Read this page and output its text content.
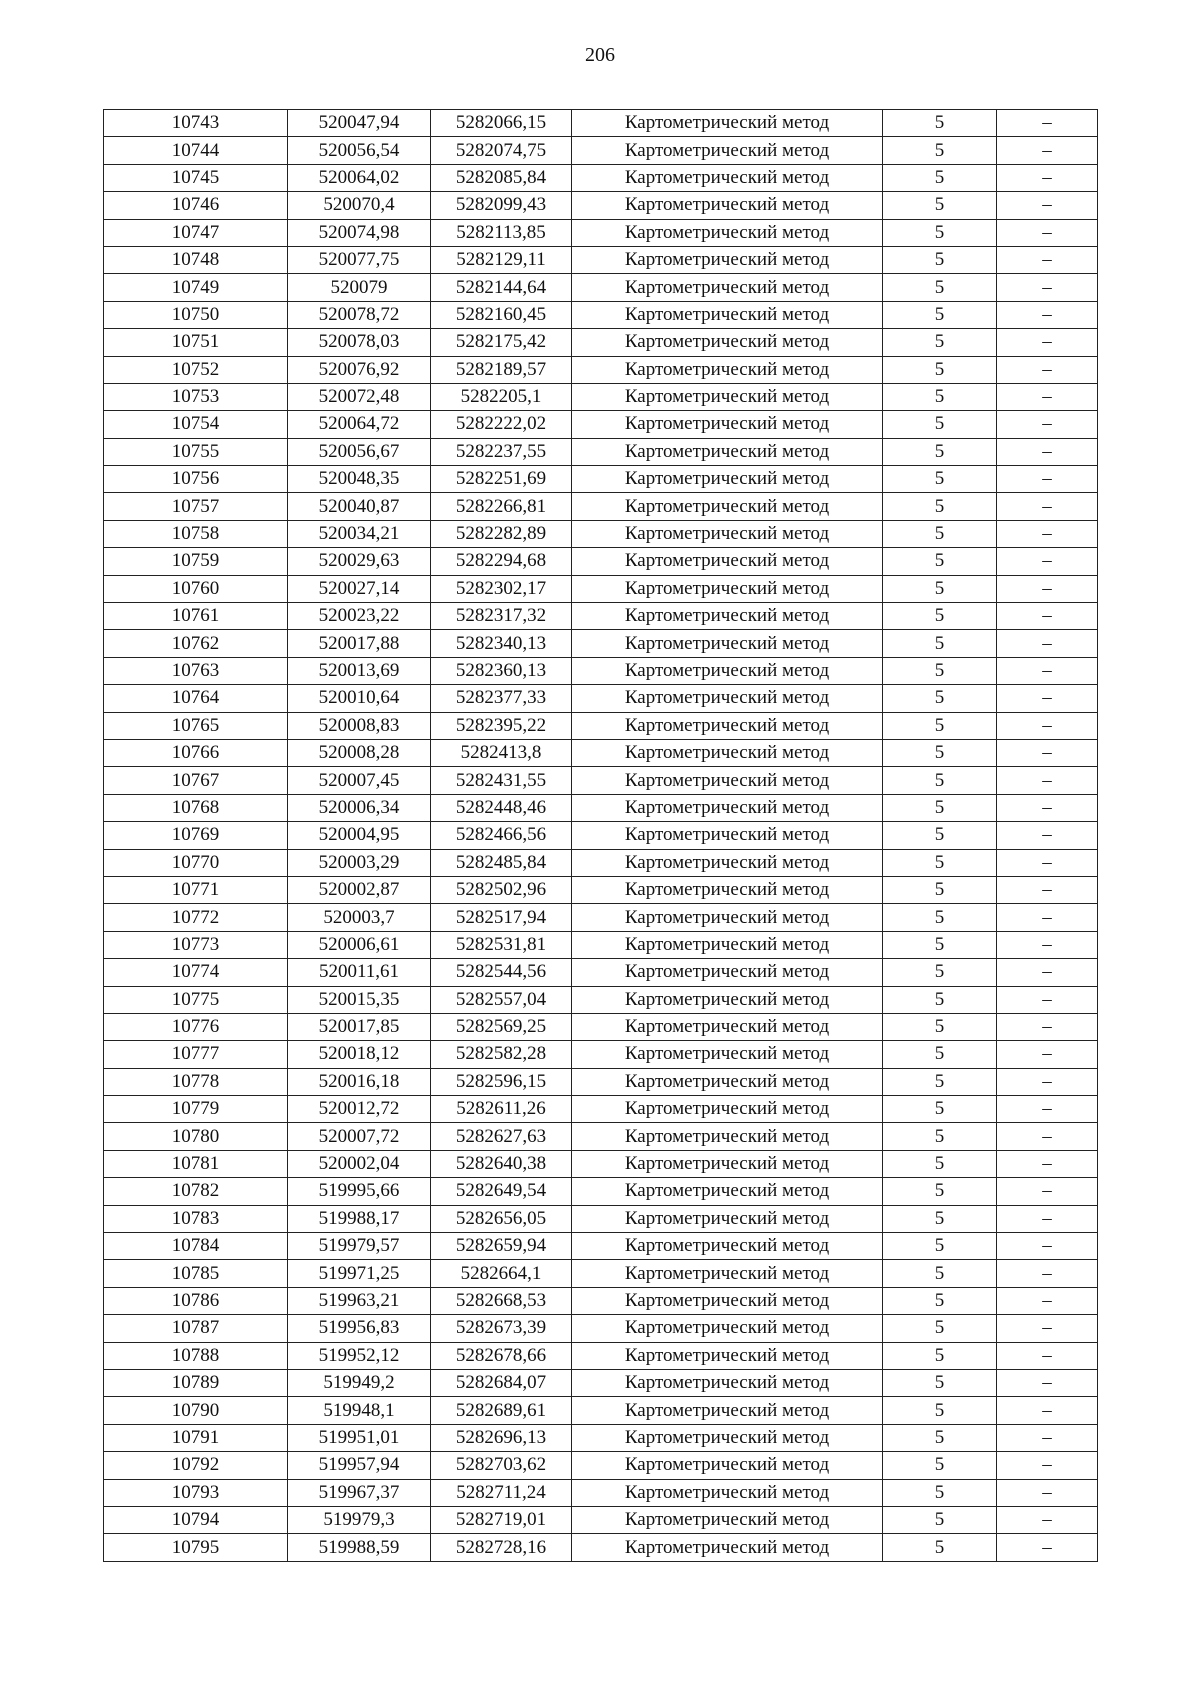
206
10743	520047,94	5282066,15	Картометрический метод	5	–
10744	520056,54	5282074,75	Картометрический метод	5	–
10745	520064,02	5282085,84	Картометрический метод	5	–
10746	520070,4	5282099,43	Картометрический метод	5	–
10747	520074,98	5282113,85	Картометрический метод	5	–
10748	520077,75	5282129,11	Картометрический метод	5	–
10749	520079	5282144,64	Картометрический метод	5	–
10750	520078,72	5282160,45	Картометрический метод	5	–
10751	520078,03	5282175,42	Картометрический метод	5	–
10752	520076,92	5282189,57	Картометрический метод	5	–
10753	520072,48	5282205,1	Картометрический метод	5	–
10754	520064,72	5282222,02	Картометрический метод	5	–
10755	520056,67	5282237,55	Картометрический метод	5	–
10756	520048,35	5282251,69	Картометрический метод	5	–
10757	520040,87	5282266,81	Картометрический метод	5	–
10758	520034,21	5282282,89	Картометрический метод	5	–
10759	520029,63	5282294,68	Картометрический метод	5	–
10760	520027,14	5282302,17	Картометрический метод	5	–
10761	520023,22	5282317,32	Картометрический метод	5	–
10762	520017,88	5282340,13	Картометрический метод	5	–
10763	520013,69	5282360,13	Картометрический метод	5	–
10764	520010,64	5282377,33	Картометрический метод	5	–
10765	520008,83	5282395,22	Картометрический метод	5	–
10766	520008,28	5282413,8	Картометрический метод	5	–
10767	520007,45	5282431,55	Картометрический метод	5	–
10768	520006,34	5282448,46	Картометрический метод	5	–
10769	520004,95	5282466,56	Картометрический метод	5	–
10770	520003,29	5282485,84	Картометрический метод	5	–
10771	520002,87	5282502,96	Картометрический метод	5	–
10772	520003,7	5282517,94	Картометрический метод	5	–
10773	520006,61	5282531,81	Картометрический метод	5	–
10774	520011,61	5282544,56	Картометрический метод	5	–
10775	520015,35	5282557,04	Картометрический метод	5	–
10776	520017,85	5282569,25	Картометрический метод	5	–
10777	520018,12	5282582,28	Картометрический метод	5	–
10778	520016,18	5282596,15	Картометрический метод	5	–
10779	520012,72	5282611,26	Картометрический метод	5	–
10780	520007,72	5282627,63	Картометрический метод	5	–
10781	520002,04	5282640,38	Картометрический метод	5	–
10782	519995,66	5282649,54	Картометрический метод	5	–
10783	519988,17	5282656,05	Картометрический метод	5	–
10784	519979,57	5282659,94	Картометрический метод	5	–
10785	519971,25	5282664,1	Картометрический метод	5	–
10786	519963,21	5282668,53	Картометрический метод	5	–
10787	519956,83	5282673,39	Картометрический метод	5	–
10788	519952,12	5282678,66	Картометрический метод	5	–
10789	519949,2	5282684,07	Картометрический метод	5	–
10790	519948,1	5282689,61	Картометрический метод	5	–
10791	519951,01	5282696,13	Картометрический метод	5	–
10792	519957,94	5282703,62	Картометрический метод	5	–
10793	519967,37	5282711,24	Картометрический метод	5	–
10794	519979,3	5282719,01	Картометрический метод	5	–
10795	519988,59	5282728,16	Картометрический метод	5	–
